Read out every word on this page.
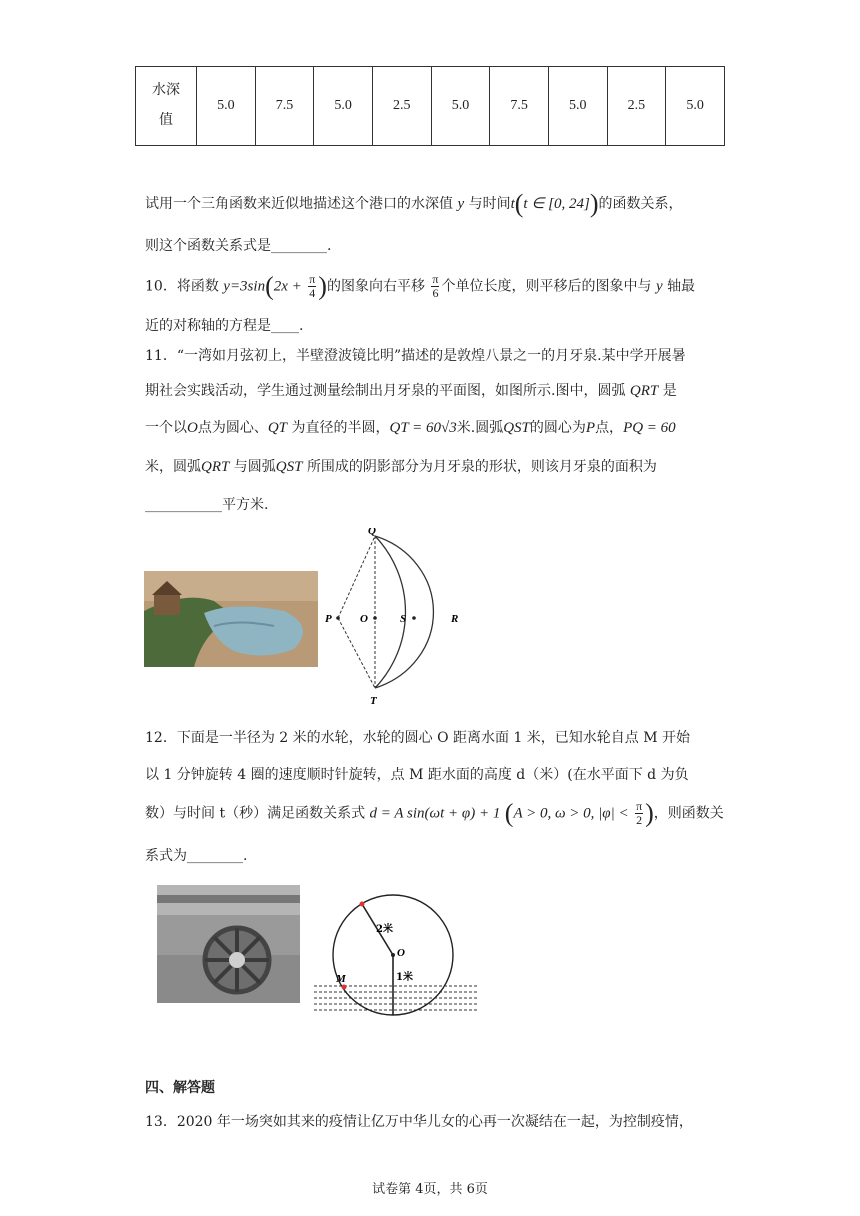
水深
值	5.0	7.5	5.0	2.5	5.0	7.5	5.0	2.5	5.0
试用一个三角函数来近似地描述这个港口的水深值 y 与时间t(t ∈ [0, 24])的函数关系，
则这个函数关系式是________.
10．将函数 $y=3\sin(2x + \frac{\pi}{4}$ )的图象向右平移 $\frac{\pi}{6}$ 个单位长度，则平移后的图象中与 y 轴最
近的对称轴的方程是____.
11．“一湾如月弦初上，半壁澄波镜比明”描述的是敦煌八景之一的月牙泉.某中学开展暑
期社会实践活动，学生通过测量绘制出月牙泉的平面图，如图所示.图中，圆弧 QRT 是
一个以O点为圆心、QT 为直径的半圆，QT = 60√3米.圆弧QST的圆心为P点，PQ = 60
米，圆弧QRT 与圆弧QST 所围成的阴影部分为月牙泉的形状，则该月牙泉的面积为
___________平方米.
Q
P	O	S	R
T
12．下面是一半径为 2 米的水轮，水轮的圆心 O 距离水面 1 米，已知水轮自点 M 开始
以 1 分钟旋转 4 圈的速度顺时针旋转，点 M 距水面的高度 d（米）(在水平面下 d 为负
数）与时间 t（秒）满足函数关系式 d = A sin(ωt + φ) + 1 (A > 0, ω > 0, $|\varphi| < \frac{\pi}{2}$ )，则函数关
系式为________.
2米
O
1米
M
四、解答题
13．2020 年一场突如其来的疫情让亿万中华儿女的心再一次凝结在一起，为控制疫情，
试卷第 4页，共 6页
